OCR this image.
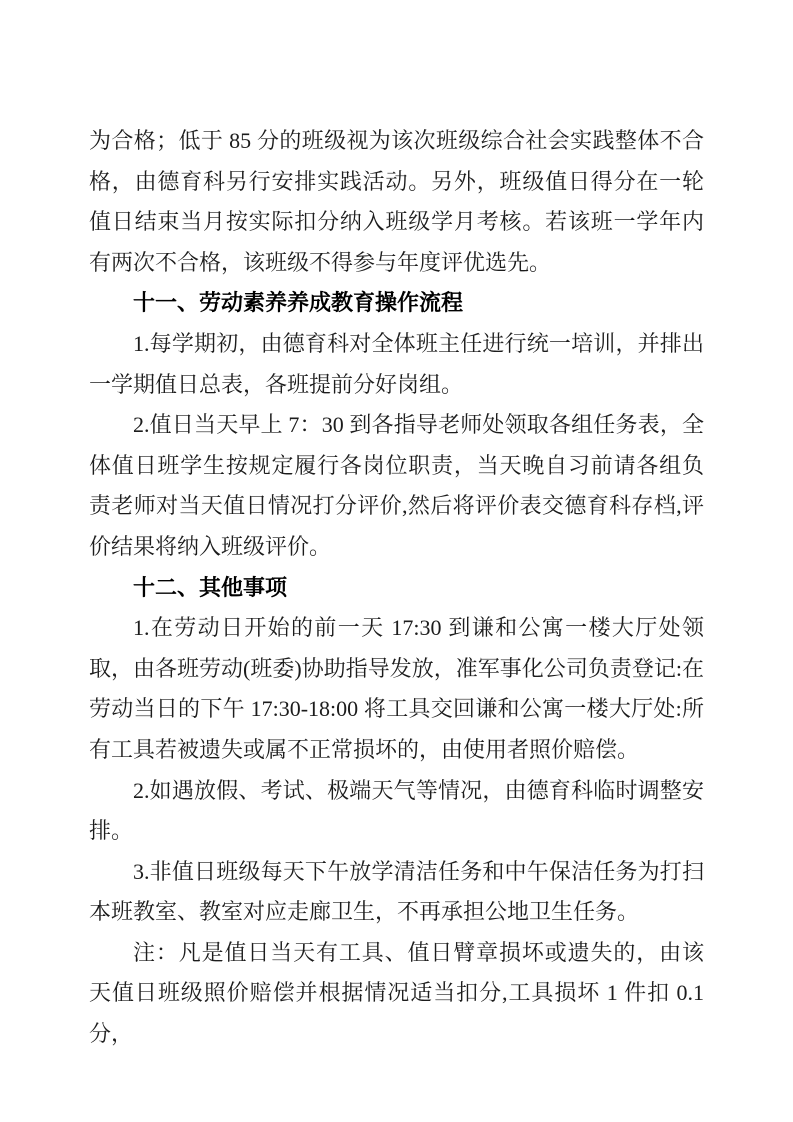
为合格；低于 85 分的班级视为该次班级综合社会实践整体不合格，由德育科另行安排实践活动。另外，班级值日得分在一轮值日结束当月按实际扣分纳入班级学月考核。若该班一学年内有两次不合格，该班级不得参与年度评优选先。

十一、劳动素养养成教育操作流程

1.每学期初，由德育科对全体班主任进行统一培训，并排出一学期值日总表，各班提前分好岗组。

2.值日当天早上 7：30 到各指导老师处领取各组任务表，全体值日班学生按规定履行各岗位职责，当天晚自习前请各组负责老师对当天值日情况打分评价,然后将评价表交德育科存档,评价结果将纳入班级评价。

十二、其他事项

1.在劳动日开始的前一天 17:30 到谦和公寓一楼大厅处领取，由各班劳动(班委)协助指导发放，准军事化公司负责登记:在劳动当日的下午 17:30-18:00 将工具交回谦和公寓一楼大厅处:所有工具若被遗失或属不正常损坏的，由使用者照价赔偿。

2.如遇放假、考试、极端天气等情况，由德育科临时调整安排。

3.非值日班级每天下午放学清洁任务和中午保洁任务为打扫本班教室、教室对应走廊卫生，不再承担公地卫生任务。

注：凡是值日当天有工具、值日臂章损坏或遗失的，由该天值日班级照价赔偿并根据情况适当扣分,工具损坏 1 件扣 0.1 分，
